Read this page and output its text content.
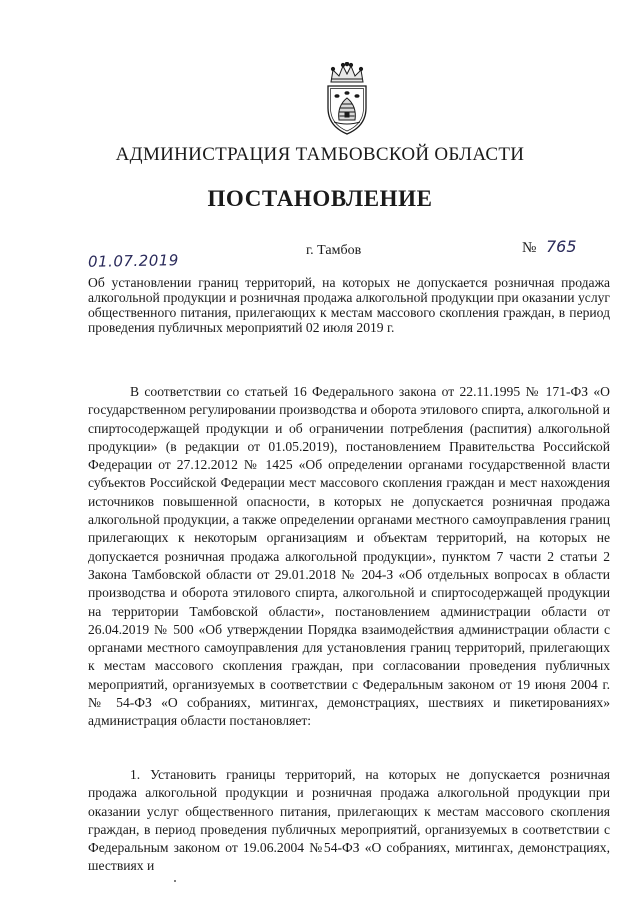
АДМИНИСТРАЦИЯ ТАМБОВСКОЙ ОБЛАСТИ
ПОСТАНОВЛЕНИЕ
01.07.2019
г. Тамбов	№ 765
Об установлении границ территорий, на которых не допускается розничная продажа алкогольной продукции и розничная продажа алкогольной продукции при оказании услуг общественного питания, прилегающих к местам массового скопления граждан, в период проведения публичных мероприятий 02 июля 2019 г.
В соответствии со статьей 16 Федерального закона от 22.11.1995 № 171-ФЗ «О государственном регулировании производства и оборота этилового спирта, алкогольной и спиртосодержащей продукции и об ограничении потребления (распития) алкогольной продукции» (в редакции от 01.05.2019), постановлением Правительства Российской Федерации от 27.12.2012 № 1425 «Об определении органами государственной власти субъектов Российской Федерации мест массового скопления граждан и мест нахождения источников повышенной опасности, в которых не допускается розничная продажа алкогольной продукции, а также определении органами местного самоуправления границ прилегающих к некоторым организациям и объектам территорий, на которых не допускается розничная продажа алкогольной продукции», пунктом 7 части 2 статьи 2 Закона Тамбовской области от 29.01.2018 № 204-З «Об отдельных вопросах в области производства и оборота этилового спирта, алкогольной и спиртосодержащей продукции на территории Тамбовской области», постановлением администрации области от 26.04.2019 № 500 «Об утверждении Порядка взаимодействия администрации области с органами местного самоуправления для установления границ территорий, прилегающих к местам массового скопления граждан, при согласовании проведения публичных мероприятий, организуемых в соответствии с Федеральным законом от 19 июня 2004 г. № 54-ФЗ «О собраниях, митингах, демонстрациях, шествиях и пикетированиях» администрация области постановляет:
1. Установить границы территорий, на которых не допускается розничная продажа алкогольной продукции и розничная продажа алкогольной продукции при оказании услуг общественного питания, прилегающих к местам массового скопления граждан, в период проведения публичных мероприятий, организуемых в соответствии с Федеральным законом от 19.06.2004 №54-ФЗ «О собраниях, митингах, демонстрациях, шествиях и
